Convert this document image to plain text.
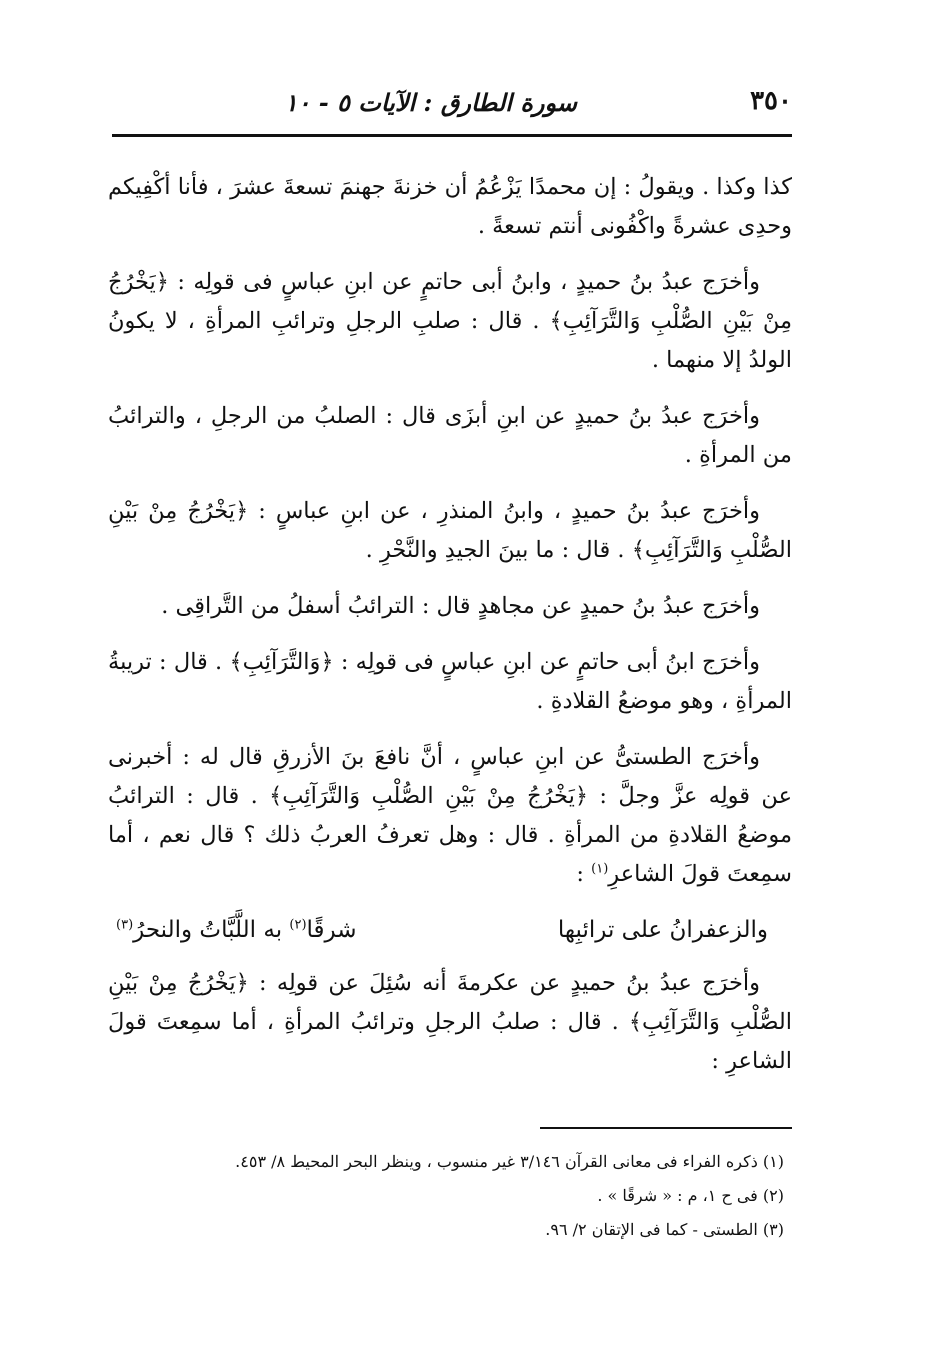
٣٥٠
سورة الطارق : الآيات ٥ - ١٠

كذا وكذا . ويقولُ : إن محمدًا يَزْعُمُ أن خزنةَ جهنمَ تسعةَ عشرَ ، فأنا أكْفِيكم وحدِى عشرةً واكْفُونى أنتم تسعةً .

وأخرَج عبدُ بنُ حميدٍ ، وابنُ أبى حاتمٍ عن ابنِ عباسٍ فى قولِه : ﴿يَخْرُجُ مِنْ بَيْنِ الصُّلْبِ وَالتَّرَآئِبِ﴾ . قال : صلبِ الرجلِ وترائبِ المرأةِ ، لا يكونُ الولدُ إلا منهما .

وأخرَج عبدُ بنُ حميدٍ عن ابنِ أبزَى قال : الصلبُ من الرجلِ ، والترائبُ من المرأةِ .

وأخرَج عبدُ بنُ حميدٍ ، وابنُ المنذرِ ، عن ابنِ عباسٍ : ﴿يَخْرُجُ مِنْ بَيْنِ الصُّلْبِ وَالتَّرَآئِبِ﴾ . قال : ما بينَ الجيدِ والنَّحْرِ .

وأخرَج عبدُ بنُ حميدٍ عن مجاهدٍ قال : الترائبُ أسفلُ من التَّراقِى .

وأخرَج ابنُ أبى حاتمٍ عن ابنِ عباسٍ فى قولِه : ﴿وَالتَّرَآئِبِ﴾ . قال : تريبةُ المرأةِ ، وهو موضعُ القلادةِ .

وأخرَج الطستىُّ عن ابنِ عباسٍ ، أنَّ نافعَ بنَ الأزرقِ قال له : أخبرنى عن قولِه عزَّ وجلَّ : ﴿يَخْرُجُ مِنْ بَيْنِ الصُّلْبِ وَالتَّرَآئِبِ﴾ . قال : الترائبُ موضعُ القلادةِ من المرأةِ . قال : وهل تعرفُ العربُ ذلك ؟ قال نعم ، أما سمِعتَ قولَ الشاعرِ$^{(١)}$ :

والزعفرانُ على ترائبِها
شرقًا$^{(٢)}$ به اللَّبَّاتُ والنحرُ$^{(٣)}$

وأخرَج عبدُ بنُ حميدٍ عن عكرمةَ أنه سُئِلَ عن قولِه : ﴿يَخْرُجُ مِنْ بَيْنِ الصُّلْبِ وَالتَّرَآئِبِ﴾ . قال : صلبُ الرجلِ وترائبُ المرأةِ ، أما سمِعتَ قولَ الشاعرِ :

(١) ذكره الفراء فى معانى القرآن ٣/١٤٦ غير منسوب ، وينظر البحر المحيط ٨/ ٤٥٣.

(٢) فى ح ١، م : « شرقًا » .

(٣) الطستى - كما فى الإتقان ٢/ ٩٦.
